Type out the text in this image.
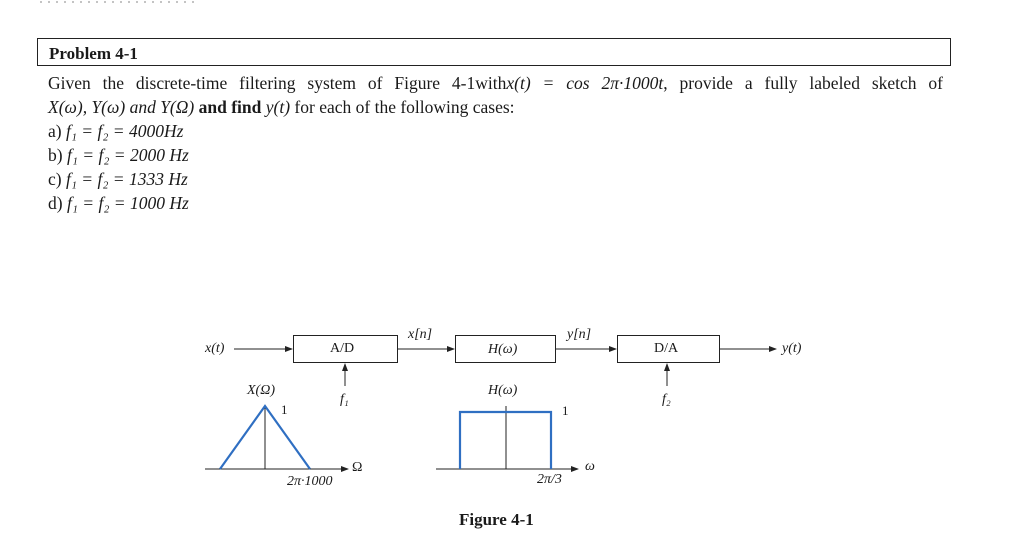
Problem 4-1
Given the discrete-time filtering system of Figure 4-1withx(t) = cos 2π·1000t, provide a fully labeled sketch of
X(ω), Y(ω) and Y(Ω) and find y(t) for each of the following cases:
a) f₁ = f₂ = 4000Hz
b) f₁ = f₂ = 2000 Hz
c) f₁ = f₂ = 1333 Hz
d) f₁ = f₂ = 1000 Hz
A/D	H(ω)	D/A
x(t)
x[n]	y[n]
y(t)
f₁	f₂
X(Ω)
1
2π·1000
Ω
H(ω)
1
2π/3
ω
Figure 4-1
